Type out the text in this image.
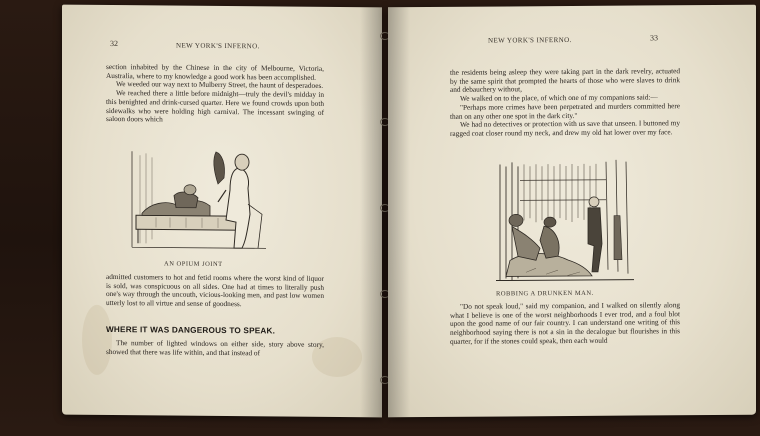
32	NEW YORK'S INFERNO.

section inhabited by the Chinese in the city of Melbourne, Victoria, Australia, where to my knowledge a good work has been accomplished.

We weeded our way next to Mulberry Street, the haunt of desperadoes.

We reached there a little before midnight—truly the devil's midday in this benighted and drink-cursed quarter. Here we found crowds upon both sidewalks who were holding high carnival. The incessant swinging of saloon doors which

AN OPIUM JOINT
admitted customers to hot and fetid rooms where the worst kind of liquor is sold, was conspicuous on all sides. One had at times to literally push one's way through the uncouth, vicious-looking men, and past low women utterly lost to all virtue and sense of goodness.
WHERE IT WAS DANGEROUS TO SPEAK.
The number of lighted windows on either side, story above story, showed that there was life within, and that instead of
NEW YORK'S INFERNO.	33

the residents being asleep they were taking part in the dark revelry, actuated by the same spirit that prompted the hearts of those who were slaves to drink and debauchery without,

We walked on to the place, of which one of my companions said:—

"Perhaps more crimes have been perpetrated and murders committed here than on any other one spot in the dark city."

We had no detectives or protection with us save that unseen. I buttoned my ragged coat closer round my neck, and drew my old hat lower over my face.

ROBBING A DRUNKEN MAN.
"Do not speak loud," said my companion, and I walked on silently along what I believe is one of the worst neighborhoods I ever trod, and a foul blot upon the good name of our fair country. I can understand one writing of this neighborhood saying there is not a sin in the decalogue but flourishes in this quarter, for if the stones could speak, then each would
